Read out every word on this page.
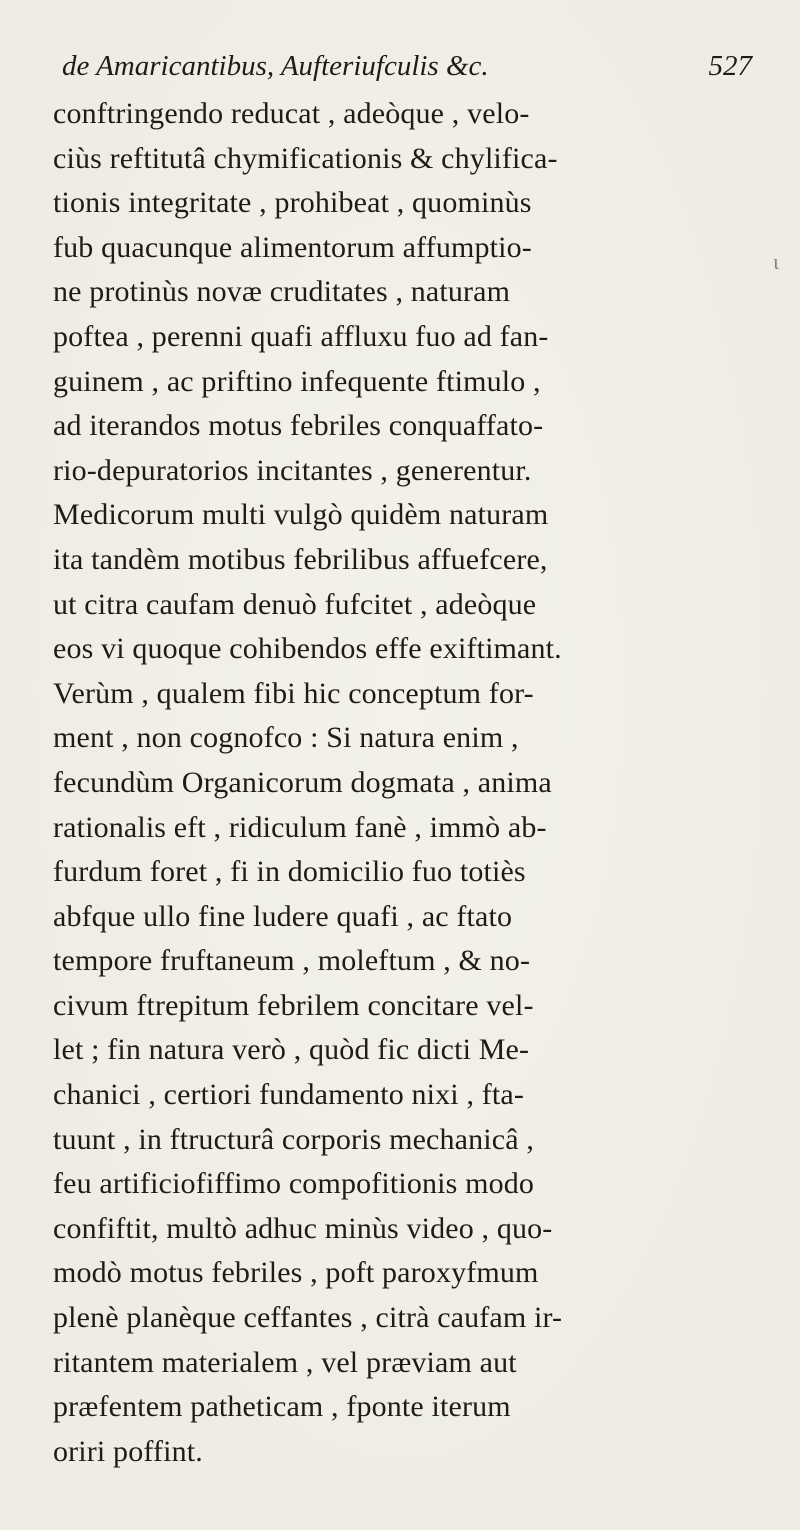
de Amaricantibus, Aufteriufculis &c.	527
ι
conftringendo reducat , adeòque , velo-
ciùs reftitutâ chymificationis & chylifica-
tionis integritate , prohibeat , quominùs
fub quacunque alimentorum affumptio-
ne protinùs novæ cruditates , naturam
poftea , perenni quafi affluxu fuo ad fan-
guinem , ac priftino infequente ftimulo ,
ad iterandos motus febriles conquaffato-
rio-depuratorios incitantes , generentur.
Medicorum multi vulgò quidèm naturam
ita tandèm motibus febrilibus affuefcere,
ut citra caufam denuò fufcitet , adeòque
eos vi quoque cohibendos effe exiftimant.
Verùm , qualem fibi hic conceptum for-
ment , non cognofco : Si natura enim ,
fecundùm Organicorum dogmata , anima
rationalis eft , ridiculum fanè , immò ab-
furdum foret , fi in domicilio fuo totiès
abfque ullo fine ludere quafi , ac ftato
tempore fruftaneum , moleftum , & no-
civum ftrepitum febrilem concitare vel-
let ; fin natura verò , quòd fic dicti Me-
chanici , certiori fundamento nixi , fta-
tuunt , in ftructurâ corporis mechanicâ ,
feu artificiofiffimo compofitionis modo
confiftit, multò adhuc minùs video , quo-
modò motus febriles , poft paroxyfmum
plenè planèque ceffantes , citrà caufam ir-
ritantem materialem , vel præviam aut
præfentem patheticam , fponte iterum
oriri poffint.
